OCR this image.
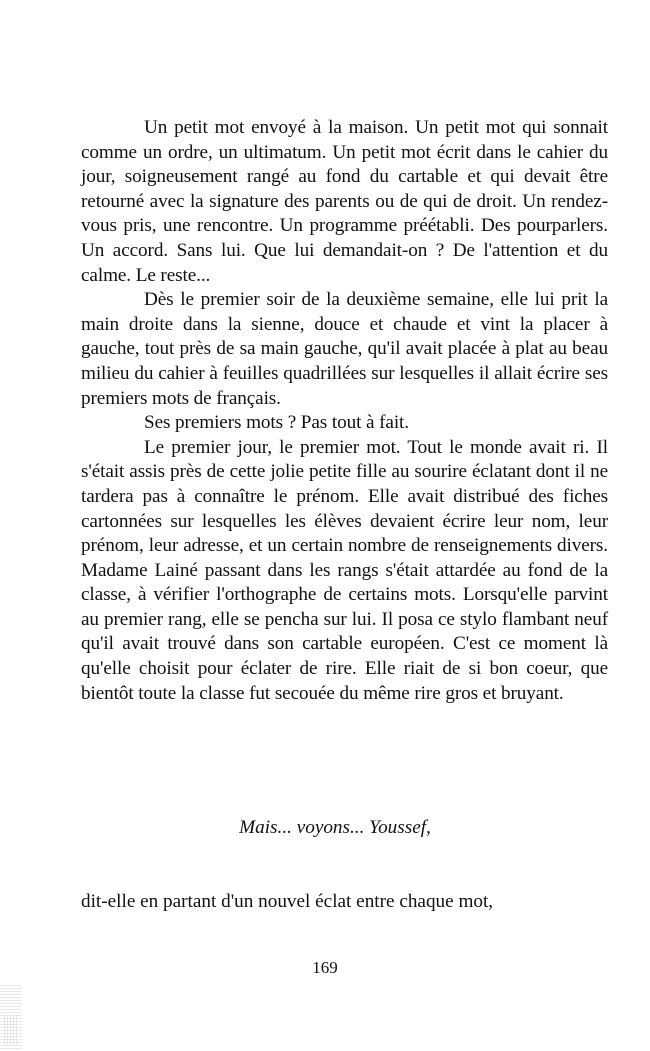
Un petit mot envoyé à la maison. Un petit mot qui sonnait comme un ordre, un ultimatum. Un petit mot écrit dans le cahier du jour, soigneusement rangé au fond du cartable et qui devait être retourné avec la signature des parents ou de qui de droit. Un rendez-vous pris, une rencontre. Un programme préétabli. Des pourparlers. Un accord. Sans lui. Que lui demandait-on ? De l'attention et du calme. Le reste...

Dès le premier soir de la deuxième semaine, elle lui prit la main droite dans la sienne, douce et chaude et vint la placer à gauche, tout près de sa main gauche, qu'il avait placée à plat au beau milieu du cahier à feuilles quadrillées sur lesquelles il allait écrire ses premiers mots de français.

Ses premiers mots ? Pas tout à fait.

Le premier jour, le premier mot. Tout le monde avait ri. Il s'était assis près de cette jolie petite fille au sourire éclatant dont il ne tardera pas à connaître le prénom. Elle avait distribué des fiches cartonnées sur lesquelles les élèves devaient écrire leur nom, leur prénom, leur adresse, et un certain nombre de renseignements divers. Madame Lainé passant dans les rangs s'était attardée au fond de la classe, à vérifier l'orthographe de certains mots. Lorsqu'elle parvint au premier rang, elle se pencha sur lui. Il posa ce stylo flambant neuf qu'il avait trouvé dans son cartable européen. C'est ce moment là qu'elle choisit pour éclater de rire. Elle riait de si bon coeur, que bientôt toute la classe fut secouée du même rire gros et bruyant.

Mais... voyons... Youssef,
dit-elle en partant d'un nouvel éclat entre chaque mot,
169
